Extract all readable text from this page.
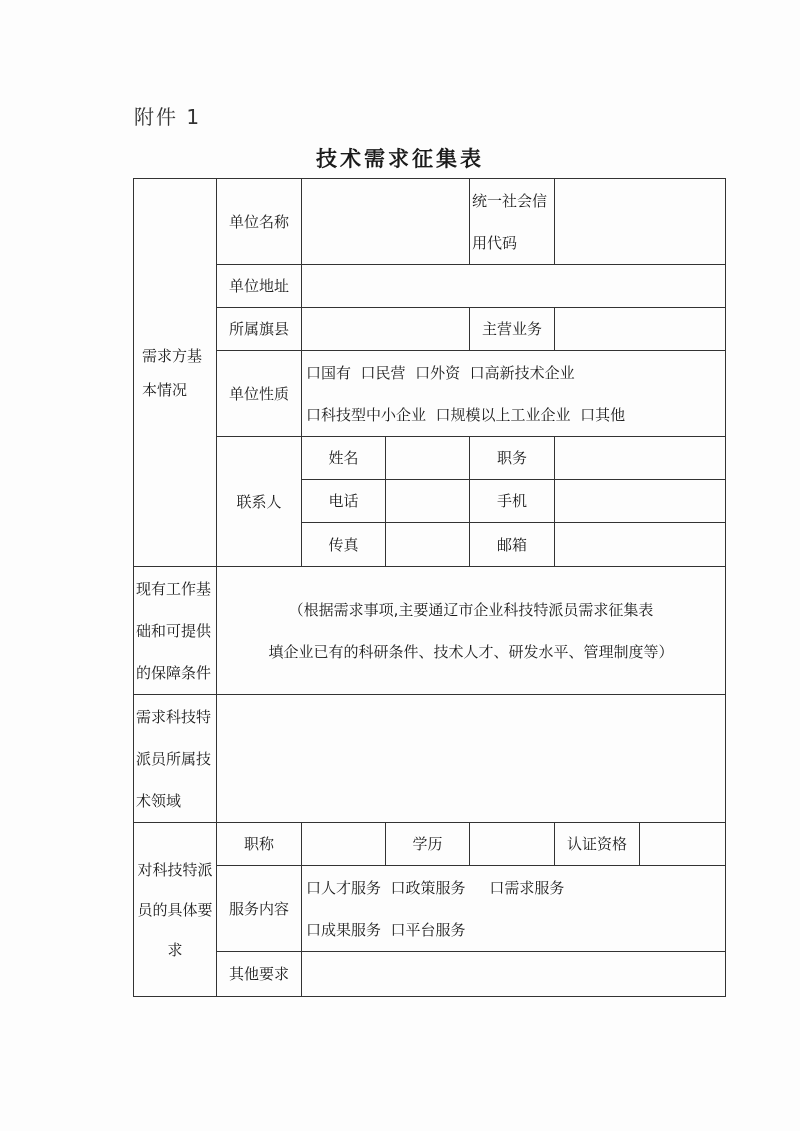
附件 1
技术需求征集表
需求方基本情况	单位名称			统一社会信用代码		

	单位地址					
	所属旗县			主营业务		
	单位性质	口国有  口民营  口外资  口高新技术企业
口科技型中小企业  口规模以上工业企业  口其他				

	联系人	姓名		职务		
		电话		手机		
		传真		邮箱		

现有工作基础和可提供的保障条件	（根据需求事项,主要通辽市企业科技特派员需求征集表
填企业已有的科研条件、技术人才、研发水平、管理制度等）					

需求科技特派员所属技术领域						

对科技特派员的具体要求	职称		学历		认证资格	
	服务内容	口人才服务  口政策服务     口需求服务
口成果服务  口平台服务				

	其他要求					
